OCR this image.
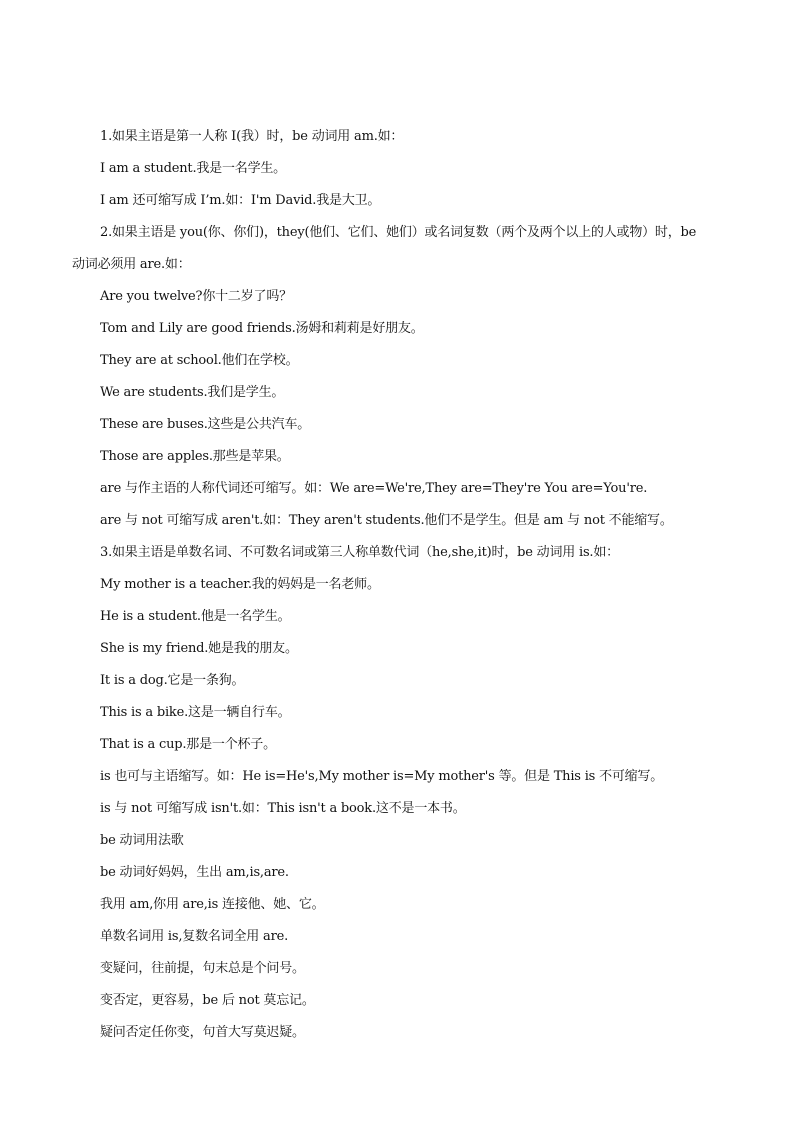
1.如果主语是第一人称 I(我）时，be 动词用 am.如：
I am a student.我是一名学生。
I am 还可缩写成 I’m.如：I'm David.我是大卫。
2.如果主语是 you(你、你们)，they(他们、它们、她们）或名词复数（两个及两个以上的人或物）时，be
动词必须用 are.如：
Are you twelve?你十二岁了吗？
Tom and Lily are good friends.汤姆和莉莉是好朋友。
They are at school.他们在学校。
We are students.我们是学生。
These are buses.这些是公共汽车。
Those are apples.那些是苹果。
are 与作主语的人称代词还可缩写。如：We are=We're,They are=They're You are=You're.
are 与 not 可缩写成 aren't.如：They aren't students.他们不是学生。但是 am 与 not 不能缩写。
3.如果主语是单数名词、不可数名词或第三人称单数代词（he,she,it)时，be 动词用 is.如：
My mother is a teacher.我的妈妈是一名老师。
He is a student.他是一名学生。
She is my friend.她是我的朋友。
It is a dog.它是一条狗。
This is a bike.这是一辆自行车。
That is a cup.那是一个杯子。
is 也可与主语缩写。如：He is=He's,My mother is=My mother's 等。但是 This is 不可缩写。
is 与 not 可缩写成 isn't.如：This isn't a book.这不是一本书。
be 动词用法歌
be 动词好妈妈，生出 am,is,are.
我用 am,你用 are,is 连接他、她、它。
单数名词用 is,复数名词全用 are.
变疑问，往前提，句末总是个问号。
变否定，更容易，be 后 not 莫忘记。
疑问否定任你变，句首大写莫迟疑。
